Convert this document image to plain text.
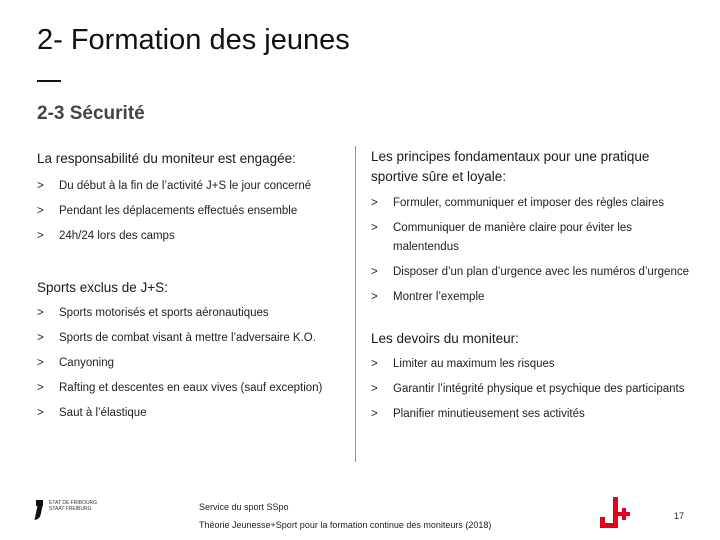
2- Formation des jeunes
2-3 Sécurité
La responsabilité du moniteur est engagée:
> Du début à la fin de l’activité J+S le jour concerné
> Pendant les déplacements effectués ensemble
> 24h/24 lors des camps
Sports exclus de J+S:
> Sports motorisés et sports aéronautiques
> Sports de combat visant à mettre l’adversaire K.O.
> Canyoning
> Rafting et descentes en eaux vives (sauf exception)
> Saut à l’élastique
Les principes fondamentaux pour une pratique sportive sûre et loyale:
> Formuler, communiquer et imposer des règles claires
> Communiquer de manière claire pour éviter les malentendus
> Disposer d’un plan d’urgence avec les numéros d’urgence
> Montrer l’exemple
Les devoirs du moniteur:
> Limiter au maximum les risques
> Garantir l’intégrité physique et psychique des participants
> Planifier minutieusement ses activités
ETAT DE FRIBOURG
STAAT FREIBURG	Service du sport SSpo
Théorie Jeunesse+Sport pour la formation continue des moniteurs (2018)
17
